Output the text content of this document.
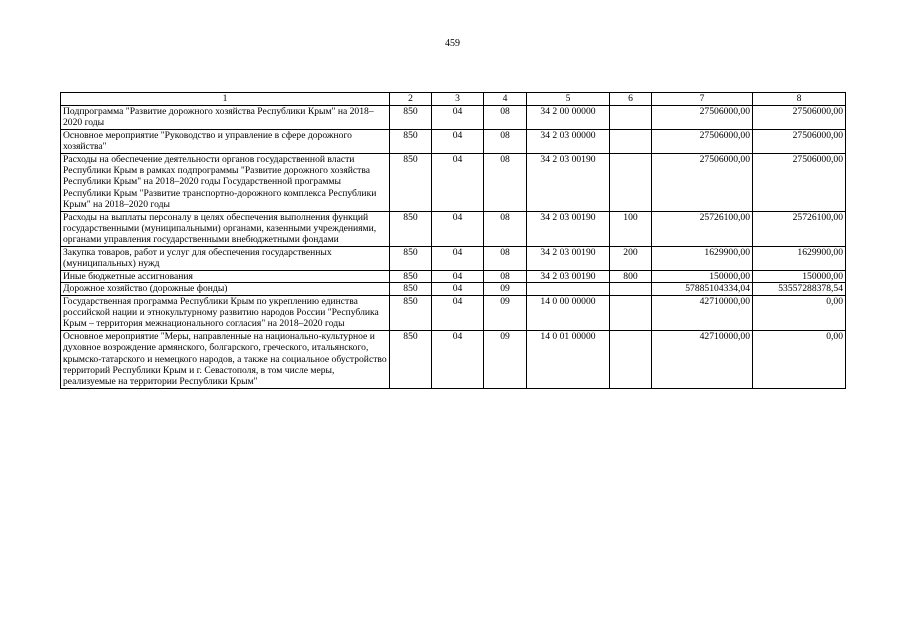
459
1	2	3	4	5	6	7	8
Подпрограмма "Развитие дорожного хозяйства Республики Крым" на 2018–2020 годы	850	04	08	34 2 00 00000		27506000,00	27506000,00
Основное мероприятие "Руководство и управление в сфере дорожного хозяйства"	850	04	08	34 2 03 00000		27506000,00	27506000,00
Расходы на обеспечение деятельности органов государственной власти Республики Крым в рамках подпрограммы "Развитие дорожного хозяйства Республики Крым" на 2018–2020 годы Государственной программы Республики Крым "Развитие транспортно-дорожного комплекса Республики Крым" на 2018–2020 годы	850	04	08	34 2 03 00190		27506000,00	27506000,00
Расходы на выплаты персоналу в целях обеспечения выполнения функций государственными (муниципальными) органами, казенными учреждениями, органами управления государственными внебюджетными фондами	850	04	08	34 2 03 00190	100	25726100,00	25726100,00
Закупка товаров, работ и услуг для обеспечения государственных (муниципальных) нужд	850	04	08	34 2 03 00190	200	1629900,00	1629900,00
Иные бюджетные ассигнования	850	04	08	34 2 03 00190	800	150000,00	150000,00
Дорожное хозяйство (дорожные фонды)	850	04	09			57885104334,04	53557288378,54
Государственная программа Республики Крым по укреплению единства российской нации и этнокультурному развитию народов России "Республика Крым – территория межнационального согласия" на 2018–2020 годы	850	04	09	14 0 00 00000		42710000,00	0,00
Основное мероприятие "Меры, направленные на национально-культурное и духовное возрождение армянского, болгарского, греческого, итальянского, крымско-татарского и немецкого народов, а также на социальное обустройство территорий Республики Крым и г. Севастополя, в том числе меры, реализуемые на территории Республики Крым"	850	04	09	14 0 01 00000		42710000,00	0,00
